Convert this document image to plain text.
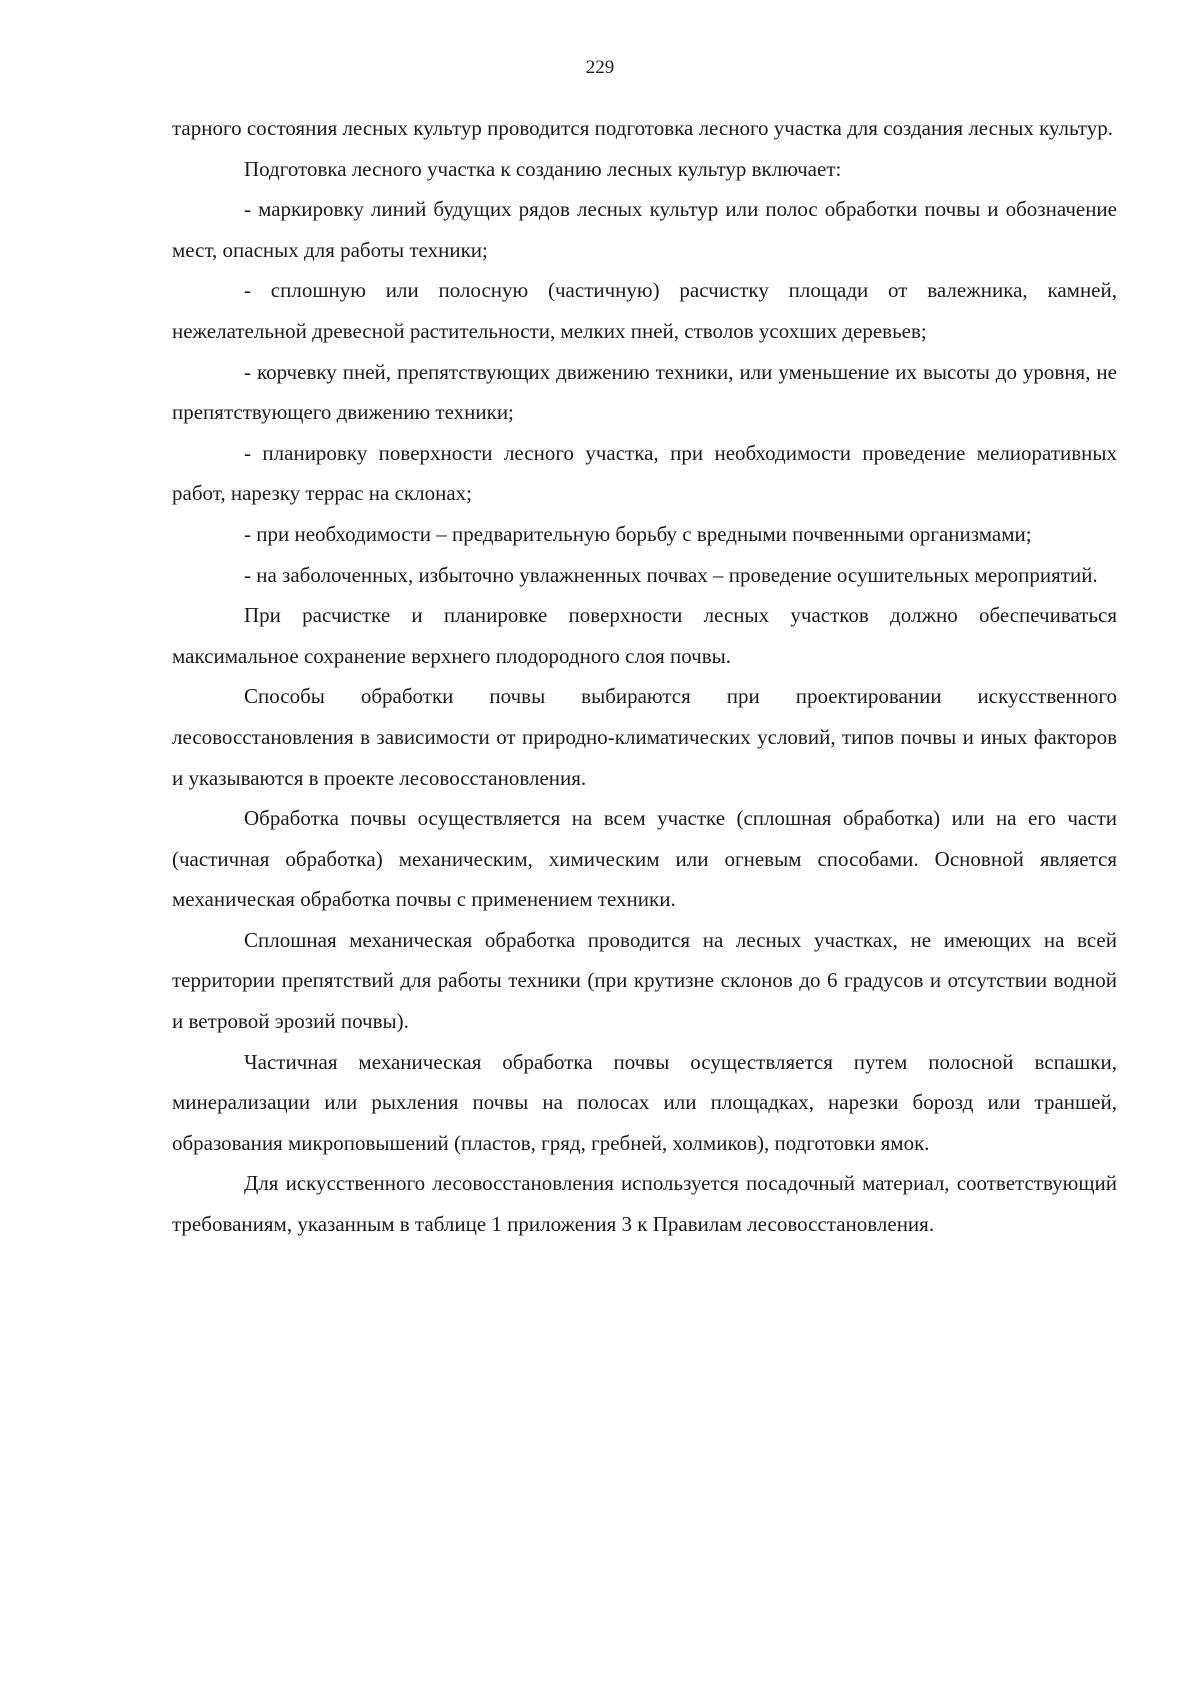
229

тарного состояния лесных культур проводится подготовка лесного участка для создания лесных культур.

Подготовка лесного участка к созданию лесных культур включает:

- маркировку линий будущих рядов лесных культур или полос обработки почвы и обозначение мест, опасных для работы техники;

- сплошную или полосную (частичную) расчистку площади от валежника, камней, нежелательной древесной растительности, мелких пней, стволов усохших деревьев;

- корчевку пней, препятствующих движению техники, или уменьшение их высоты до уровня, не препятствующего движению техники;

- планировку поверхности лесного участка, при необходимости проведение мелиоративных работ, нарезку террас на склонах;

- при необходимости – предварительную борьбу с вредными почвенными организмами;

- на заболоченных, избыточно увлажненных почвах – проведение осушительных мероприятий.

При расчистке и планировке поверхности лесных участков должно обеспечиваться максимальное сохранение верхнего плодородного слоя почвы.

Способы обработки почвы выбираются при проектировании искусственного лесовосстановления в зависимости от природно-климатических условий, типов почвы и иных факторов и указываются в проекте лесовосстановления.

Обработка почвы осуществляется на всем участке (сплошная обработка) или на его части (частичная обработка) механическим, химическим или огневым способами. Основной является механическая обработка почвы с применением техники.

Сплошная механическая обработка проводится на лесных участках, не имеющих на всей территории препятствий для работы техники (при крутизне склонов до 6 градусов и отсутствии водной и ветровой эрозий почвы).

Частичная механическая обработка почвы осуществляется путем полосной вспашки, минерализации или рыхления почвы на полосах или площадках, нарезки борозд или траншей, образования микроповышений (пластов, гряд, гребней, холмиков), подготовки ямок.

Для искусственного лесовосстановления используется посадочный материал, соответствующий требованиям, указанным в таблице 1 приложения 3 к Правилам лесовосстановления.
